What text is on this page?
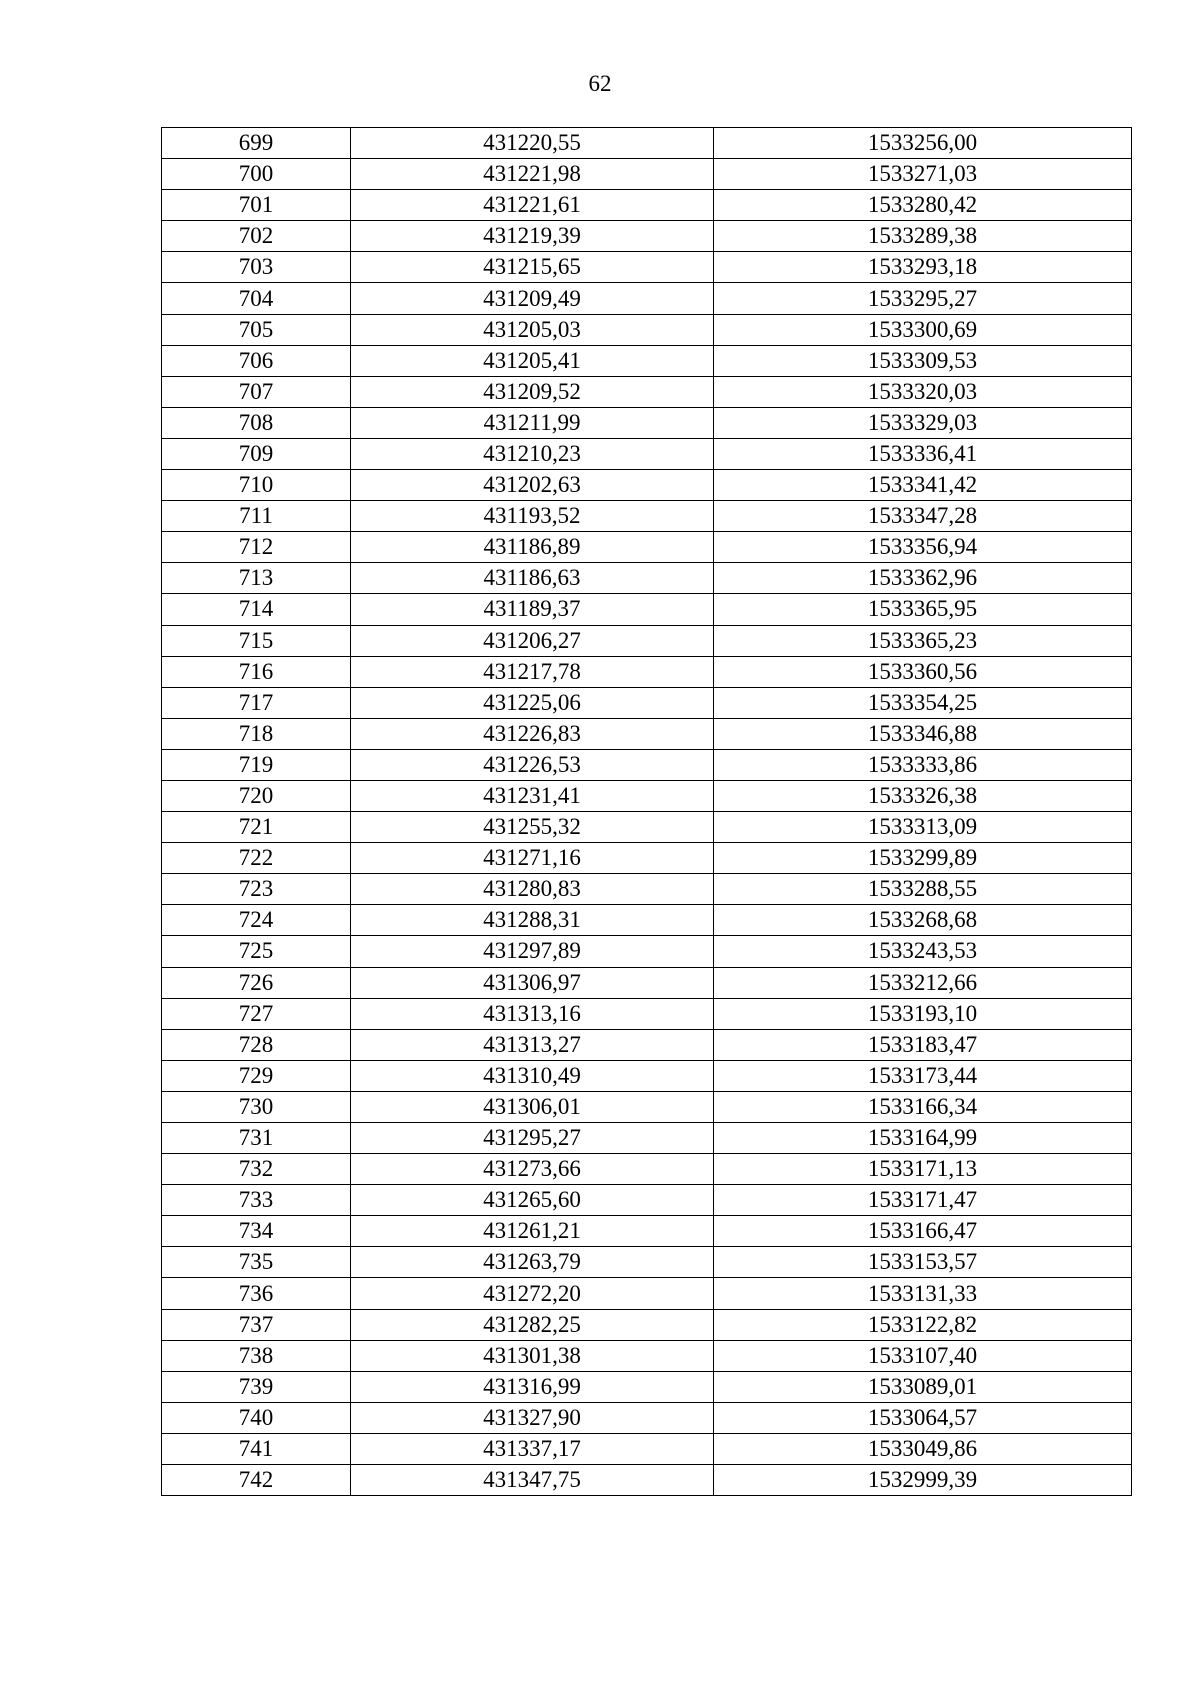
62
699	431220,55	1533256,00
700	431221,98	1533271,03
701	431221,61	1533280,42
702	431219,39	1533289,38
703	431215,65	1533293,18
704	431209,49	1533295,27
705	431205,03	1533300,69
706	431205,41	1533309,53
707	431209,52	1533320,03
708	431211,99	1533329,03
709	431210,23	1533336,41
710	431202,63	1533341,42
711	431193,52	1533347,28
712	431186,89	1533356,94
713	431186,63	1533362,96
714	431189,37	1533365,95
715	431206,27	1533365,23
716	431217,78	1533360,56
717	431225,06	1533354,25
718	431226,83	1533346,88
719	431226,53	1533333,86
720	431231,41	1533326,38
721	431255,32	1533313,09
722	431271,16	1533299,89
723	431280,83	1533288,55
724	431288,31	1533268,68
725	431297,89	1533243,53
726	431306,97	1533212,66
727	431313,16	1533193,10
728	431313,27	1533183,47
729	431310,49	1533173,44
730	431306,01	1533166,34
731	431295,27	1533164,99
732	431273,66	1533171,13
733	431265,60	1533171,47
734	431261,21	1533166,47
735	431263,79	1533153,57
736	431272,20	1533131,33
737	431282,25	1533122,82
738	431301,38	1533107,40
739	431316,99	1533089,01
740	431327,90	1533064,57
741	431337,17	1533049,86
742	431347,75	1532999,39
